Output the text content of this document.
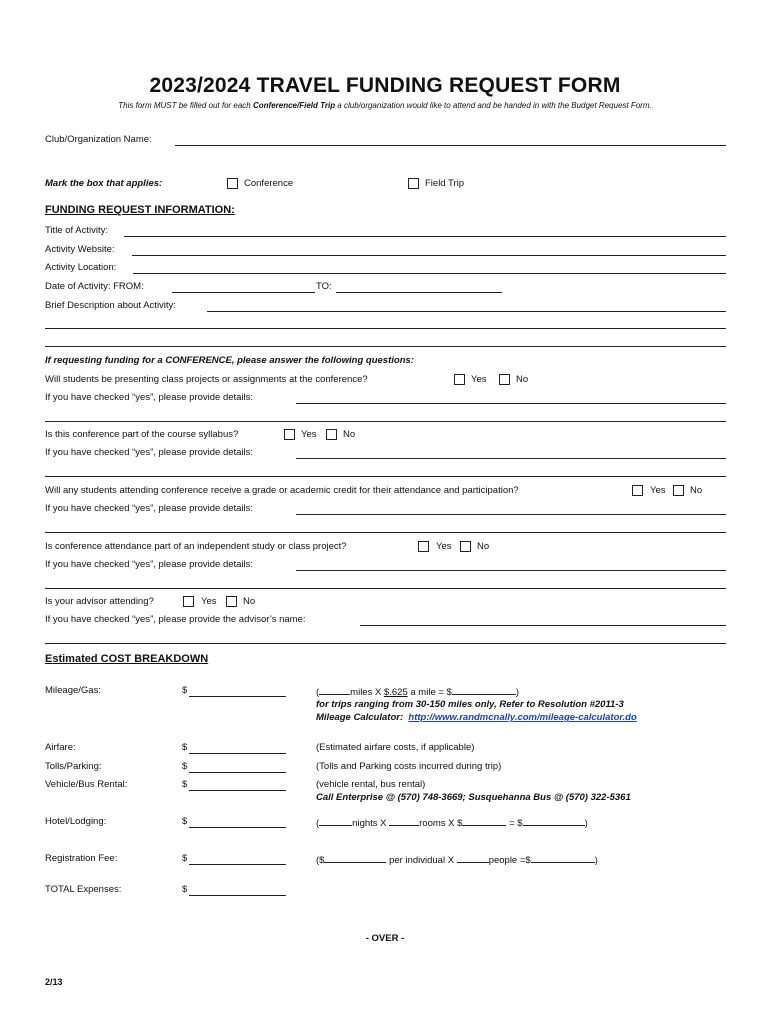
2023/2024 TRAVEL FUNDING REQUEST FORM
This form MUST be filled out for each Conference/Field Trip a club/organization would like to attend and be handed in with the Budget Request Form.
Club/Organization Name:
Mark the box that applies:	Conference	Field Trip
FUNDING REQUEST INFORMATION:
Title of Activity:
Activity Website:
Activity Location:
Date of Activity: FROM:	TO:
Brief Description about Activity:
If requesting funding for a CONFERENCE, please answer the following questions:
Will students be presenting class projects or assignments at the conference?	Yes	No
If you have checked “yes”, please provide details:
Is this conference part of the course syllabus?	Yes	No
If you have checked “yes”, please provide details:
Will any students attending conference receive a grade or academic credit for their attendance and participation?	Yes	No
If you have checked “yes”, please provide details:
Is conference attendance part of an independent study or class project?	Yes	No
If you have checked “yes”, please provide details:
Is your advisor attending?	Yes	No
If you have checked “yes”, please provide the advisor’s name:
Estimated COST BREAKDOWN
Mileage/Gas:	$	(	miles X $.625 a mile = $	)
for trips ranging from 30-150 miles only, Refer to Resolution #2011-3
Mileage Calculator: http://www.randmcnally.com/mileage-calculator.do
Airfare:	$	(Estimated airfare costs, if applicable)
Tolls/Parking:	$	(Tolls and Parking costs incurred during trip)
Vehicle/Bus Rental:	$	(vehicle rental, bus rental)
Call Enterprise @ (570) 748-3669; Susquehanna Bus @ (570) 322-5361
Hotel/Lodging:	$	(	nights X	rooms X $	= $	)
Registration Fee:	$	($	per individual X	people =$	)
TOTAL Expenses:	$
- OVER -
2/13
